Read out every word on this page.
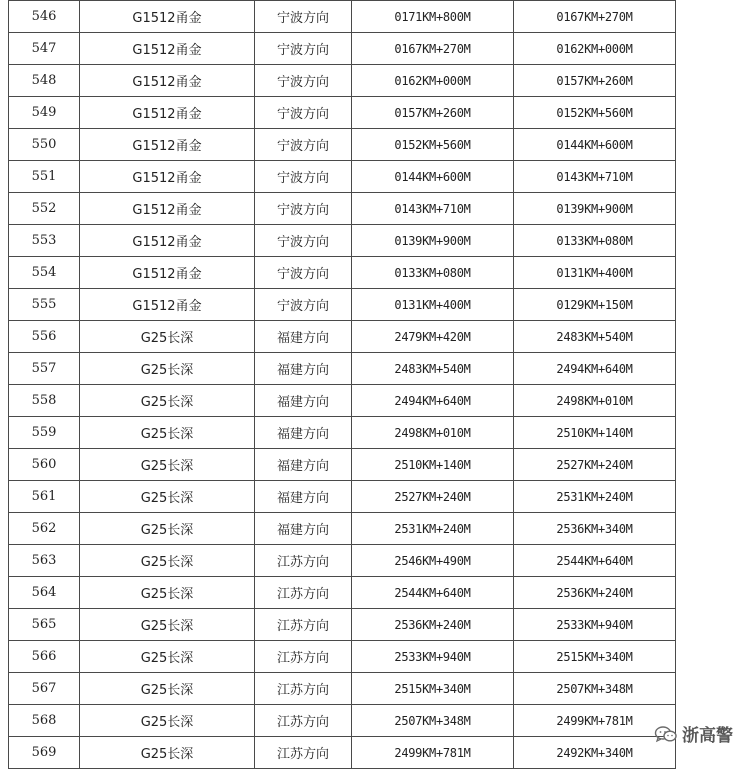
546	G1512甬金	宁波方向	0171KM+800M	0167KM+270M
547	G1512甬金	宁波方向	0167KM+270M	0162KM+000M
548	G1512甬金	宁波方向	0162KM+000M	0157KM+260M
549	G1512甬金	宁波方向	0157KM+260M	0152KM+560M
550	G1512甬金	宁波方向	0152KM+560M	0144KM+600M
551	G1512甬金	宁波方向	0144KM+600M	0143KM+710M
552	G1512甬金	宁波方向	0143KM+710M	0139KM+900M
553	G1512甬金	宁波方向	0139KM+900M	0133KM+080M
554	G1512甬金	宁波方向	0133KM+080M	0131KM+400M
555	G1512甬金	宁波方向	0131KM+400M	0129KM+150M
556	G25长深	福建方向	2479KM+420M	2483KM+540M
557	G25长深	福建方向	2483KM+540M	2494KM+640M
558	G25长深	福建方向	2494KM+640M	2498KM+010M
559	G25长深	福建方向	2498KM+010M	2510KM+140M
560	G25长深	福建方向	2510KM+140M	2527KM+240M
561	G25长深	福建方向	2527KM+240M	2531KM+240M
562	G25长深	福建方向	2531KM+240M	2536KM+340M
563	G25长深	江苏方向	2546KM+490M	2544KM+640M
564	G25长深	江苏方向	2544KM+640M	2536KM+240M
565	G25长深	江苏方向	2536KM+240M	2533KM+940M
566	G25长深	江苏方向	2533KM+940M	2515KM+340M
567	G25长深	江苏方向	2515KM+340M	2507KM+348M
568	G25长深	江苏方向	2507KM+348M	2499KM+781M
569	G25长深	江苏方向	2499KM+781M	2492KM+340M
浙高警
